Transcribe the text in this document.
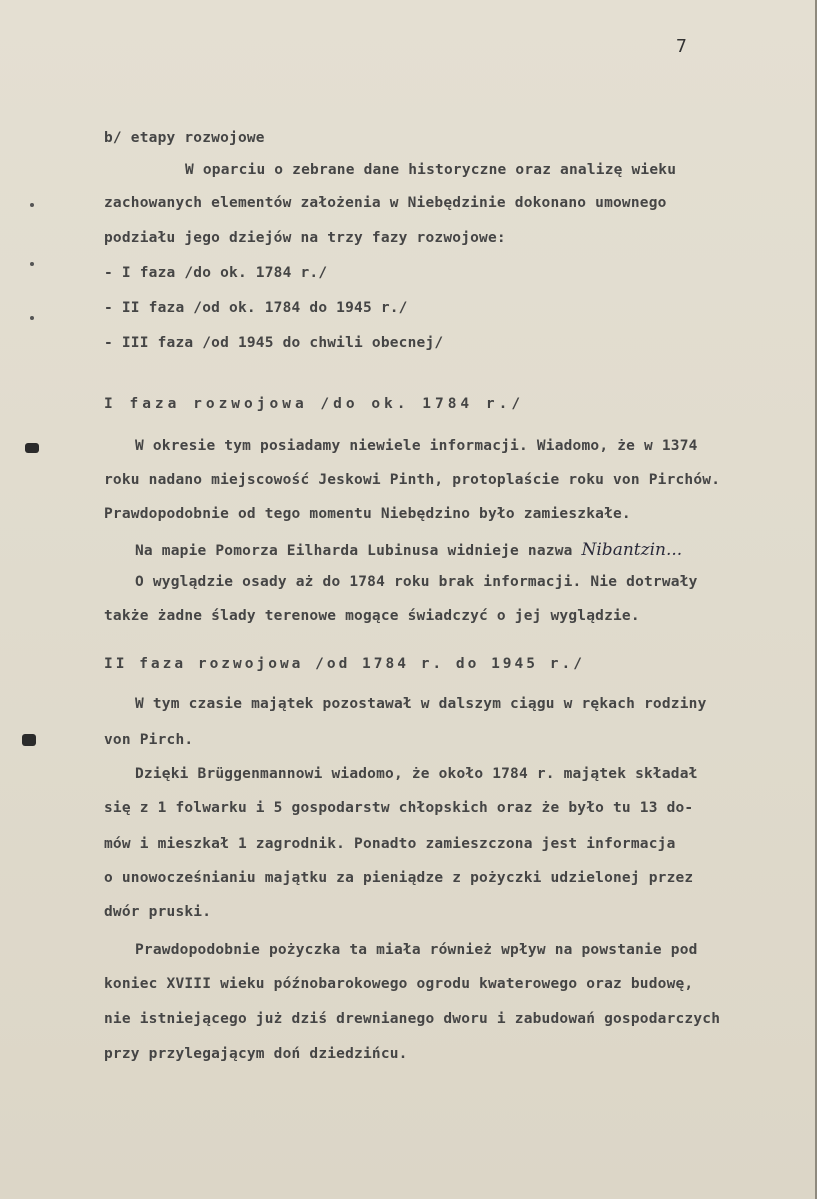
7
b/ etapy rozwojowe
W oparciu o zebrane dane historyczne oraz analizę wieku
zachowanych elementów założenia w Niebędzinie dokonano umownego
podziału jego dziejów na trzy fazy rozwojowe:
- I faza /do ok. 1784 r./
- II faza /od ok. 1784 do 1945 r./
- III faza /od 1945 do chwili obecnej/
I faza rozwojowa /do ok. 1784 r./
W okresie tym posiadamy niewiele informacji. Wiadomo, że w 1374
roku nadano miejscowość Jeskowi Pinth, protoplaście roku von Pirchów.
Prawdopodobnie od tego momentu Niebędzino było zamieszkałe.
Na mapie Pomorza Eilharda Lubinusa widnieje nazwa Nibantzin...
O wyglądzie osady aż do 1784 roku brak informacji. Nie dotrwały
także żadne ślady terenowe mogące świadczyć o jej wyglądzie.
II faza rozwojowa /od 1784 r. do 1945 r./
W tym czasie majątek pozostawał w dalszym ciągu w rękach rodziny
von Pirch.
Dzięki Brüggenmannowi wiadomo, że około 1784 r. majątek składał
się z 1 folwarku i 5 gospodarstw chłopskich oraz że było tu 13 do-
mów i mieszkał 1 zagrodnik. Ponadto zamieszczona jest informacja
o unowocześnianiu majątku za pieniądze z pożyczki udzielonej przez
dwór pruski.
Prawdopodobnie pożyczka ta miała również wpływ na powstanie pod
koniec XVIII wieku późnobarokowego ogrodu kwaterowego oraz budowę,
nie istniejącego już dziś drewnianego dworu i zabudowań gospodarczych
przy przylegającym doń dziedzińcu.
